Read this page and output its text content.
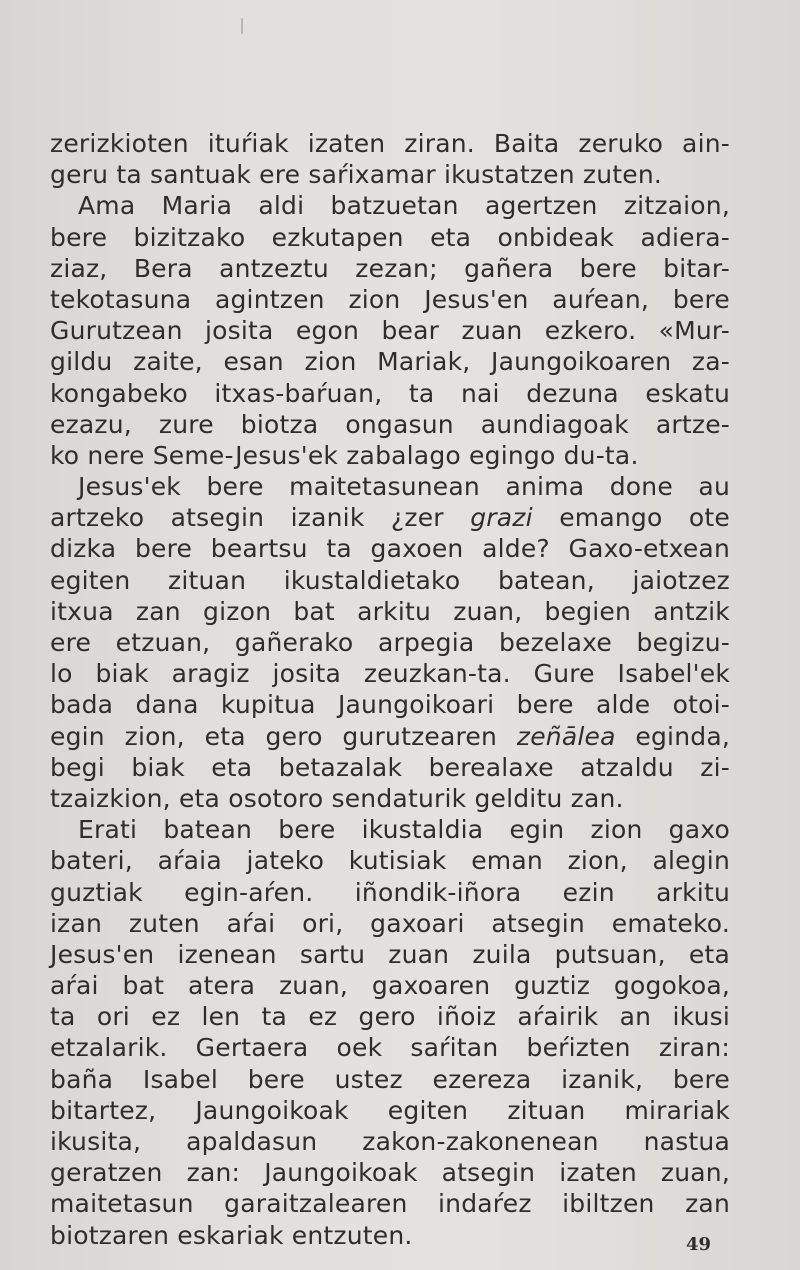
zerizkioten ituŕiak izaten ziran. Baita zeruko ain-
geru ta santuak ere saŕixamar ikustatzen zuten.
Ama Maria aldi batzuetan agertzen zitzaion,
bere bizitzako ezkutapen eta onbideak adiera-
ziaz, Bera antzeztu zezan; gañera bere bitar-
tekotasuna agintzen zion Jesus'en auŕean, bere
Gurutzean josita egon bear zuan ezkero. «Mur-
gildu zaite, esan zion Mariak, Jaungoikoaren za-
kongabeko itxas-baŕuan, ta nai dezuna eskatu
ezazu, zure biotza ongasun aundiagoak artze-
ko nere Seme-Jesus'ek zabalago egingo du-ta.
Jesus'ek bere maitetasunean anima done au
artzeko atsegin izanik ¿zer grazi emango ote
dizka bere beartsu ta gaxoen alde? Gaxo-etxean
egiten zituan ikustaldietako batean, jaiotzez
itxua zan gizon bat arkitu zuan, begien antzik
ere etzuan, gañerako arpegia bezelaxe begizu-
lo biak aragiz josita zeuzkan-ta. Gure Isabel'ek
bada dana kupitua Jaungoikoari bere alde otoi-
egin zion, eta gero gurutzearen zeñālea eginda,
begi biak eta betazalak berealaxe atzaldu zi-
tzaizkion, eta osotoro sendaturik gelditu zan.
Erati batean bere ikustaldia egin zion gaxo
bateri, aŕaia jateko kutisiak eman zion, alegin
guztiak egin-aŕen. iñondik-iñora ezin arkitu
izan zuten aŕai ori, gaxoari atsegin emateko.
Jesus'en izenean sartu zuan zuila putsuan, eta
aŕai bat atera zuan, gaxoaren guztiz gogokoa,
ta ori ez len ta ez gero iñoiz aŕairik an ikusi
etzalarik. Gertaera oek saŕitan beŕizten ziran:
baña Isabel bere ustez ezereza izanik, bere
bitartez, Jaungoikoak egiten zituan mirariak
ikusita, apaldasun zakon-zakonenean nastua
geratzen zan: Jaungoikoak atsegin izaten zuan,
maitetasun garaitzalearen indaŕez ibiltzen zan
biotzaren eskariak entzuten.	49
